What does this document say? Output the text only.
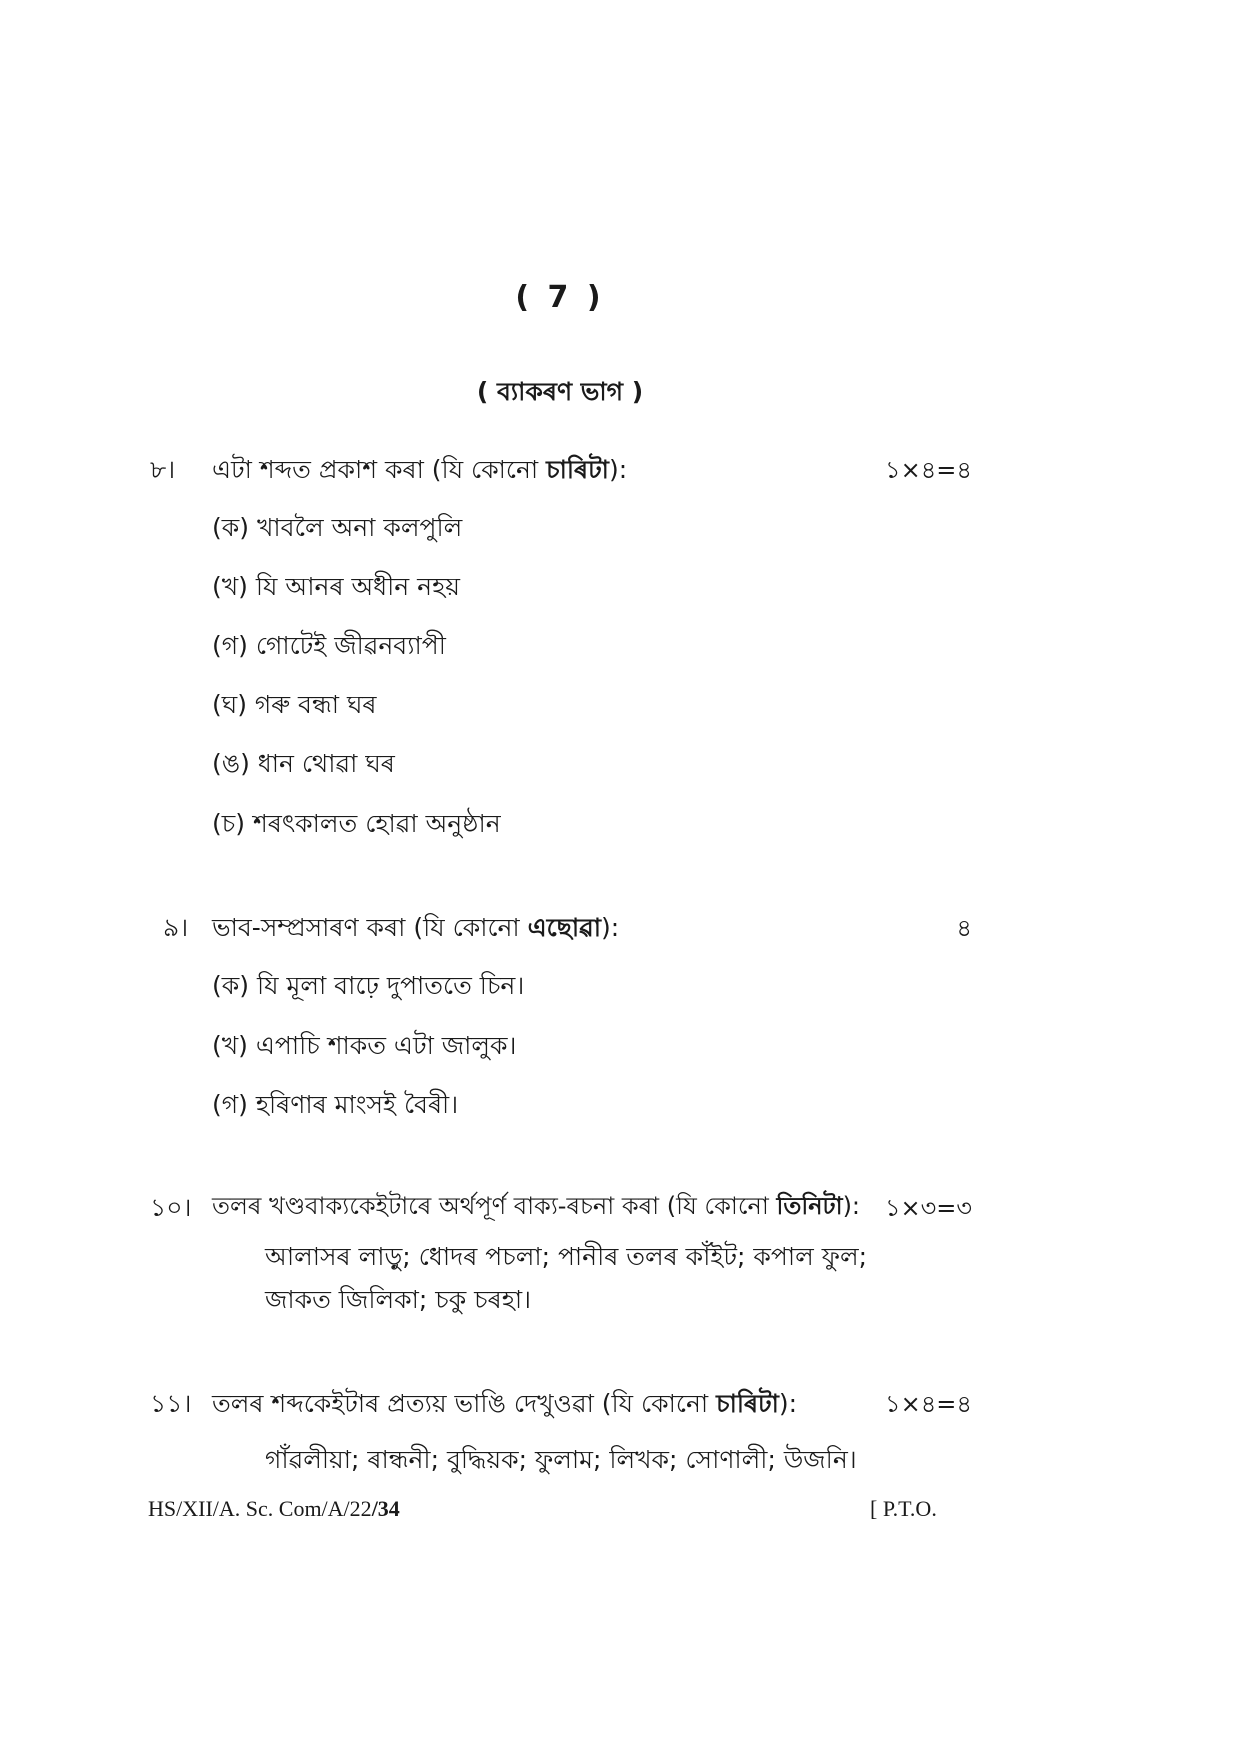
( 7 )
( ব্যাকৰণ ভাগ )
৮। এটা শব্দত প্ৰকাশ কৰা (যি কোনো চাৰিটা):	১×৪=৪
(ক) খাবলৈ অনা কলপুলি
(খ) যি আনৰ অধীন নহয়
(গ) গোটেই জীৱনব্যাপী
(ঘ) গৰু বন্ধা ঘৰ
(ঙ) ধান থোৱা ঘৰ
(চ) শৰৎকালত হোৱা অনুষ্ঠান
৯। ভাব-সম্প্ৰসাৰণ কৰা (যি কোনো এছোৱা):	৪
(ক) যি মূলা বাঢ়ে দুপাততে চিন।
(খ) এপাচি শাকত এটা জালুক।
(গ) হৰিণাৰ মাংসই বৈৰী।
১০। তলৰ খণ্ডবাক্যকেইটাৰে অৰ্থপূৰ্ণ বাক্য-ৰচনা কৰা (যি কোনো তিনিটা):	১×৩=৩
আলাসৰ লাড়ু; ধোদৰ পচলা; পানীৰ তলৰ কাঁইট; কপাল ফুল;
জাকত জিলিকা; চকু চৰহা।
১১। তলৰ শব্দকেইটাৰ প্ৰত্যয় ভাঙি দেখুওৱা (যি কোনো চাৰিটা):	১×৪=৪
গাঁৱলীয়া; ৰান্ধনী; বুদ্ধিয়ক; ফুলাম; লিখক; সোণালী; উজনি।
HS/XII/A. Sc. Com/A/22/34	[ P.T.O.
